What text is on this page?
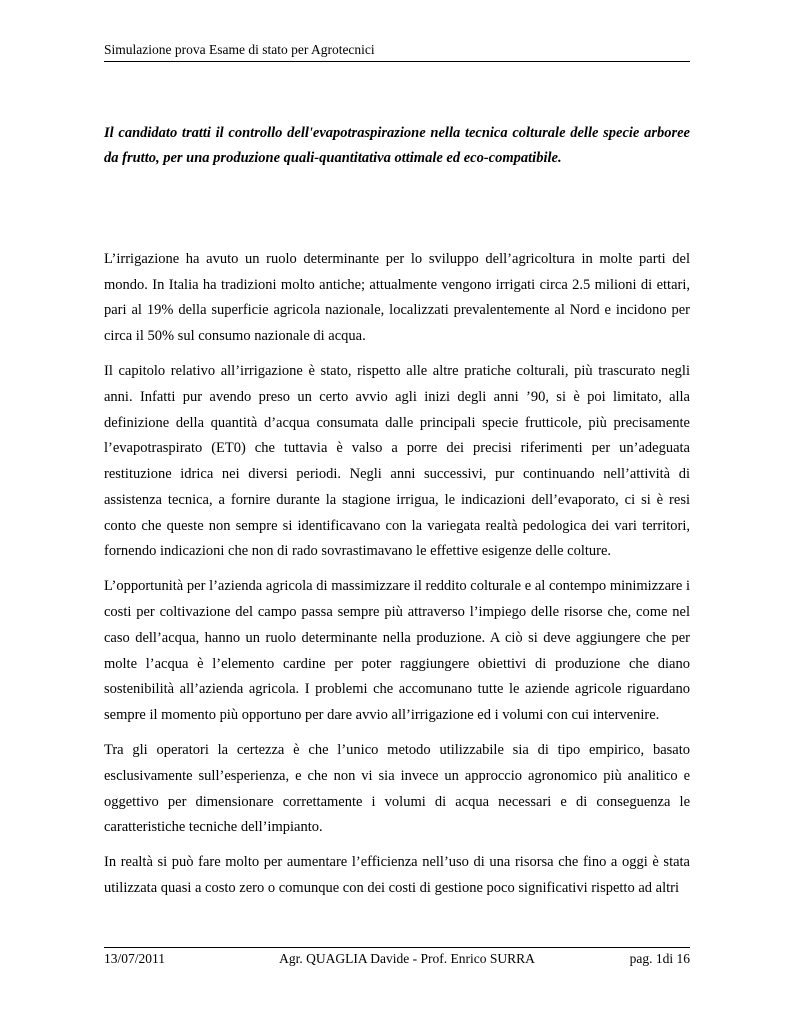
Simulazione prova Esame di stato per Agrotecnici
Il candidato tratti il controllo dell'evapotraspirazione nella tecnica colturale delle specie arboree da frutto, per una produzione quali-quantitativa ottimale ed eco-compatibile.

L’irrigazione ha avuto un ruolo determinante per lo sviluppo dell’agricoltura in molte parti del mondo. In Italia ha tradizioni molto antiche; attualmente vengono irrigati circa 2.5 milioni di ettari, pari al 19% della superficie agricola nazionale, localizzati prevalentemente al Nord e incidono per circa il 50% sul consumo nazionale di acqua.

Il capitolo relativo all’irrigazione è stato, rispetto alle altre pratiche colturali, più trascurato negli anni. Infatti pur avendo preso un certo avvio agli inizi degli anni ’90, si è poi limitato, alla definizione della quantità d’acqua consumata dalle principali specie frutticole, più precisamente l’evapotraspirato (ET0) che tuttavia è valso a porre dei precisi riferimenti per un’adeguata restituzione idrica nei diversi periodi. Negli anni successivi, pur continuando nell’attività di assistenza tecnica, a fornire durante la stagione irrigua, le indicazioni dell’evaporato, ci si è resi conto che queste non sempre si identificavano con la variegata realtà pedologica dei vari territori, fornendo indicazioni che non di rado sovrastimavano le effettive esigenze delle colture.

L’opportunità per l’azienda agricola di massimizzare il reddito colturale e al contempo minimizzare i costi per coltivazione del campo passa sempre più attraverso l’impiego delle risorse che, come nel caso dell’acqua, hanno un ruolo determinante nella produzione. A ciò si deve aggiungere che per molte l’acqua è l’elemento cardine per poter raggiungere obiettivi di produzione che diano sostenibilità all’azienda agricola. I problemi che accomunano tutte le aziende agricole riguardano sempre il momento più opportuno per dare avvio all’irrigazione ed i volumi con cui intervenire.

Tra gli operatori la certezza è che l’unico metodo utilizzabile sia di tipo empirico, basato esclusivamente sull’esperienza, e che non vi sia invece un approccio agronomico più analitico e oggettivo per dimensionare correttamente i volumi di acqua necessari e di conseguenza le caratteristiche tecniche dell’impianto.

In realtà si può fare molto per aumentare l’efficienza nell’uso di una risorsa che fino a oggi è stata utilizzata quasi a costo zero o comunque con dei costi di gestione poco significativi rispetto ad altri

13/07/2011	Agr. QUAGLIA Davide - Prof. Enrico SURRA	pag. 1di 16
